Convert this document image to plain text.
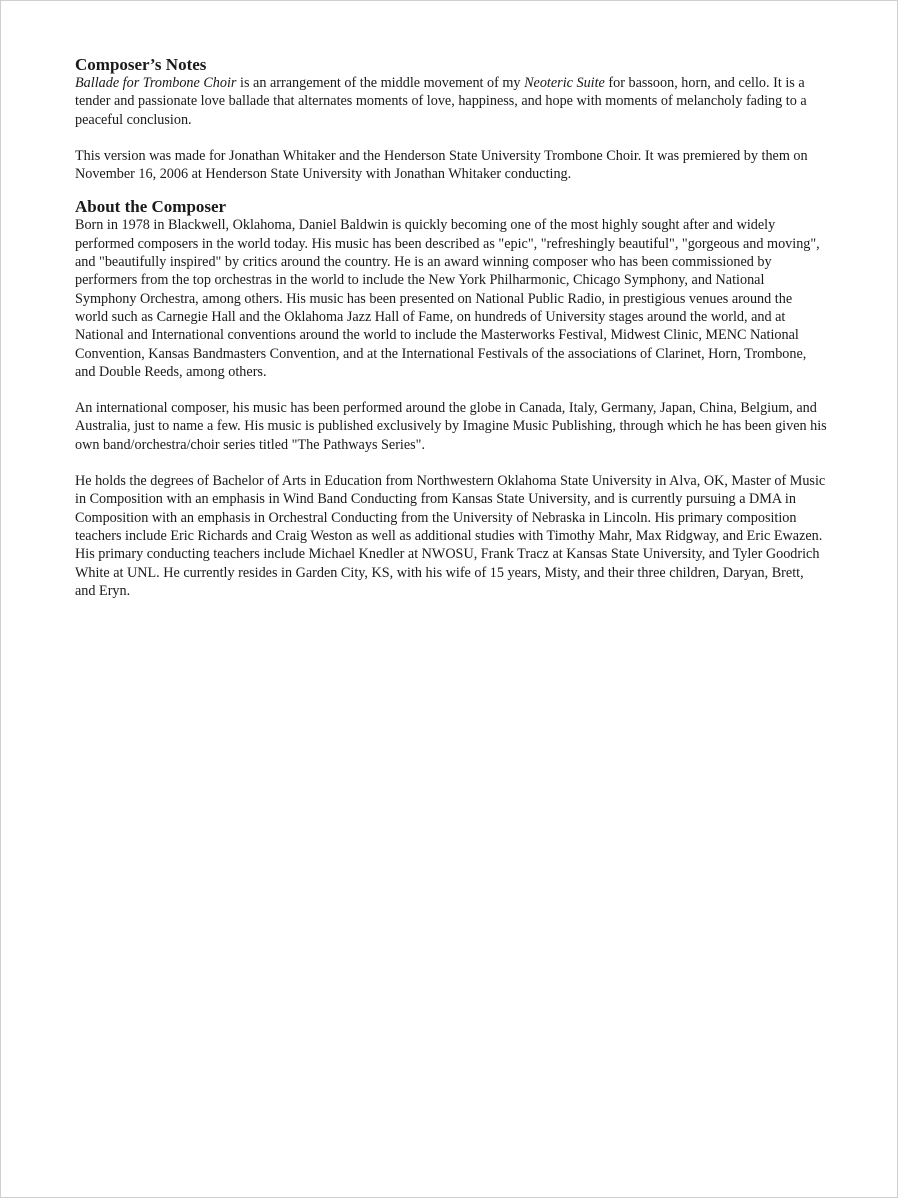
Composer’s Notes

Ballade for Trombone Choir is an arrangement of the middle movement of my Neoteric Suite for bassoon, horn, and cello. It is a tender and passionate love ballade that alternates moments of love, happiness, and hope with moments of melancholy fading to a peaceful conclusion.

This version was made for Jonathan Whitaker and the Henderson State University Trombone Choir. It was premiered by them on November 16, 2006 at Henderson State University with Jonathan Whitaker conducting.

About the Composer

Born in 1978 in Blackwell, Oklahoma, Daniel Baldwin is quickly becoming one of the most highly sought after and widely performed composers in the world today. His music has been described as "epic", "refreshingly beautiful", "gorgeous and moving", and "beautifully inspired" by critics around the country. He is an award winning composer who has been commissioned by performers from the top orchestras in the world to include the New York Philharmonic, Chicago Symphony, and National Symphony Orchestra, among others. His music has been presented on National Public Radio, in prestigious venues around the world such as Carnegie Hall and the Oklahoma Jazz Hall of Fame, on hundreds of University stages around the world, and at National and International conventions around the world to include the Masterworks Festival, Midwest Clinic, MENC National Convention, Kansas Bandmasters Convention, and at the International Festivals of the associations of Clarinet, Horn, Trombone, and Double Reeds, among others.

An international composer, his music has been performed around the globe in Canada, Italy, Germany, Japan, China, Belgium, and Australia, just to name a few. His music is published exclusively by Imagine Music Publishing, through which he has been given his own band/orchestra/choir series titled "The Pathways Series".

He holds the degrees of Bachelor of Arts in Education from Northwestern Oklahoma State University in Alva, OK, Master of Music in Composition with an emphasis in Wind Band Conducting from Kansas State University, and is currently pursuing a DMA in Composition with an emphasis in Orchestral Conducting from the University of Nebraska in Lincoln. His primary composition teachers include Eric Richards and Craig Weston as well as additional studies with Timothy Mahr, Max Ridgway, and Eric Ewazen. His primary conducting teachers include Michael Knedler at NWOSU, Frank Tracz at Kansas State University, and Tyler Goodrich White at UNL. He currently resides in Garden City, KS, with his wife of 15 years, Misty, and their three children, Daryan, Brett, and Eryn.
